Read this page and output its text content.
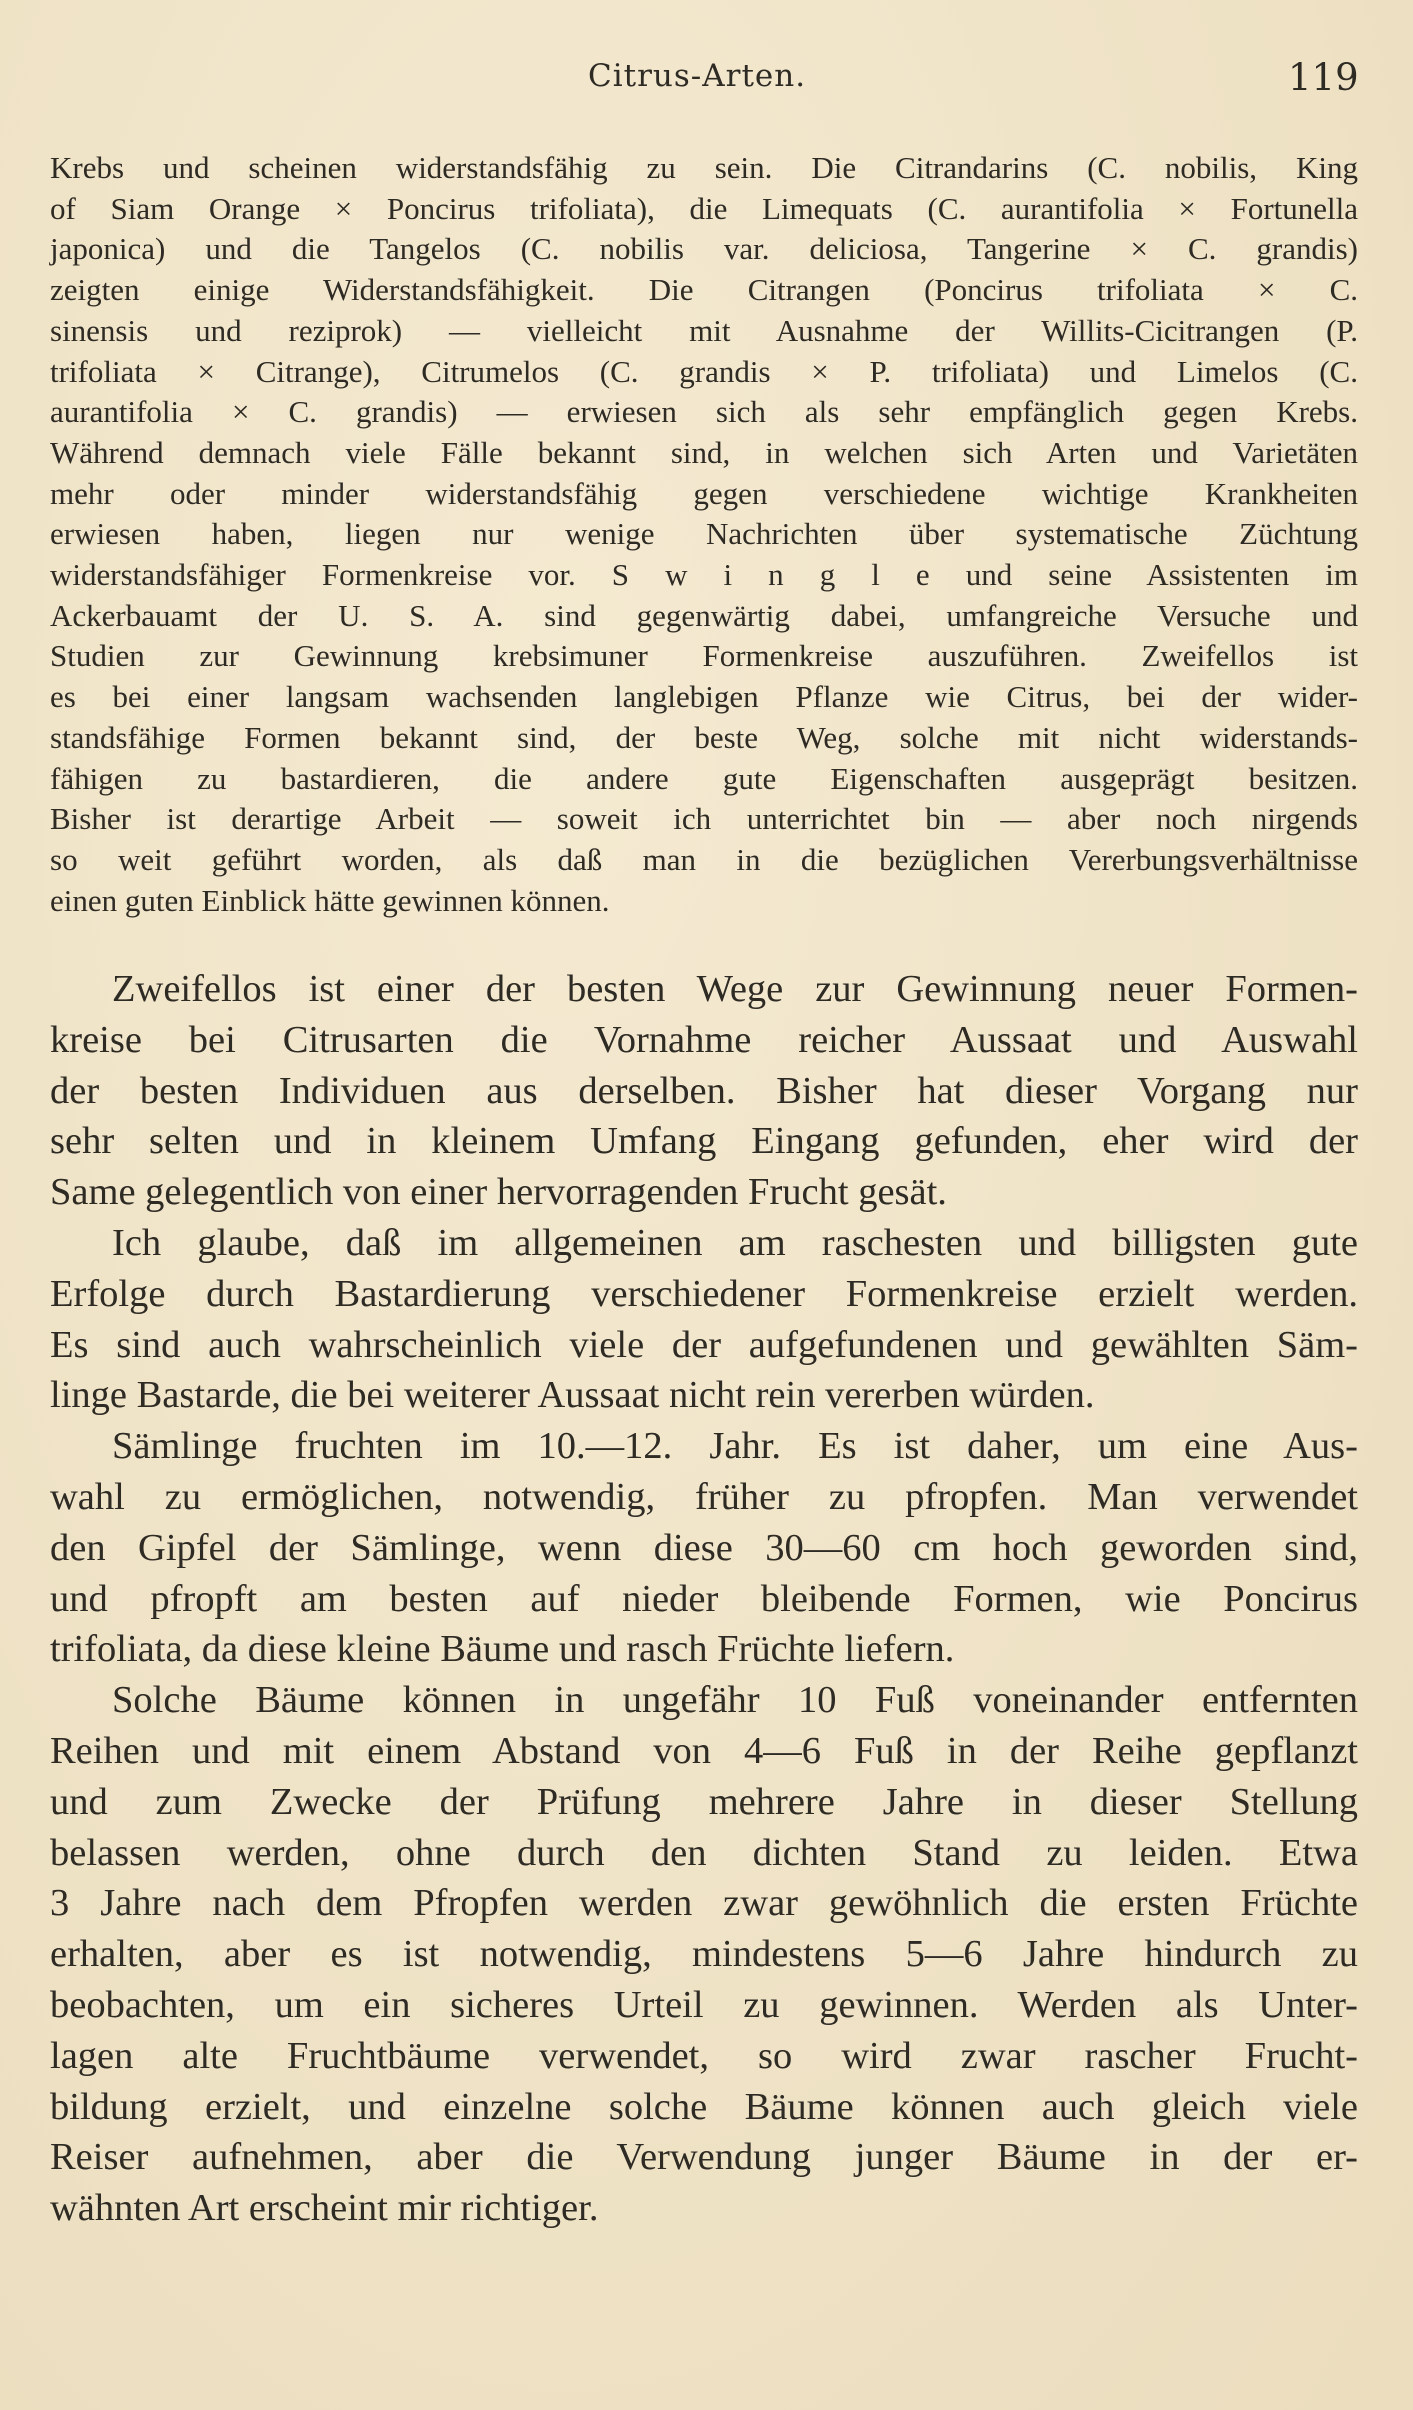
Citrus-Arten.	119
Krebs und scheinen widerstandsfähig zu sein. Die Citrandarins (C. nobilis, King
of Siam Orange × Poncirus trifoliata), die Limequats (C. aurantifolia × Fortunella
japonica) und die Tangelos (C. nobilis var. deliciosa, Tangerine × C. grandis)
zeigten einige Widerstandsfähigkeit. Die Citrangen (Poncirus trifoliata × C.
sinensis und reziprok) — vielleicht mit Ausnahme der Willits-Cicitrangen (P.
trifoliata × Citrange), Citrumelos (C. grandis × P. trifoliata) und Limelos (C.
aurantifolia × C. grandis) — erwiesen sich als sehr empfänglich gegen Krebs.
Während demnach viele Fälle bekannt sind, in welchen sich Arten und Varietäten
mehr oder minder widerstandsfähig gegen verschiedene wichtige Krankheiten
erwiesen haben, liegen nur wenige Nachrichten über systematische Züchtung
widerstandsfähiger Formenkreise vor. S w i n g l e und seine Assistenten im
Ackerbauamt der U. S. A. sind gegenwärtig dabei, umfangreiche Versuche und
Studien zur Gewinnung krebsimuner Formenkreise auszuführen. Zweifellos ist
es bei einer langsam wachsenden langlebigen Pflanze wie Citrus, bei der wider-
standsfähige Formen bekannt sind, der beste Weg, solche mit nicht widerstands-
fähigen zu bastardieren, die andere gute Eigenschaften ausgeprägt besitzen.
Bisher ist derartige Arbeit — soweit ich unterrichtet bin — aber noch nirgends
so weit geführt worden, als daß man in die bezüglichen Vererbungsverhältnisse
einen guten Einblick hätte gewinnen können.
Zweifellos ist einer der besten Wege zur Gewinnung neuer Formen-
kreise bei Citrusarten die Vornahme reicher Aussaat und Auswahl
der besten Individuen aus derselben. Bisher hat dieser Vorgang nur
sehr selten und in kleinem Umfang Eingang gefunden, eher wird der
Same gelegentlich von einer hervorragenden Frucht gesät.
Ich glaube, daß im allgemeinen am raschesten und billigsten gute
Erfolge durch Bastardierung verschiedener Formenkreise erzielt werden.
Es sind auch wahrscheinlich viele der aufgefundenen und gewählten Säm-
linge Bastarde, die bei weiterer Aussaat nicht rein vererben würden.
Sämlinge fruchten im 10.—12. Jahr. Es ist daher, um eine Aus-
wahl zu ermöglichen, notwendig, früher zu pfropfen. Man verwendet
den Gipfel der Sämlinge, wenn diese 30—60 cm hoch geworden sind,
und pfropft am besten auf nieder bleibende Formen, wie Poncirus
trifoliata, da diese kleine Bäume und rasch Früchte liefern.
Solche Bäume können in ungefähr 10 Fuß voneinander entfernten
Reihen und mit einem Abstand von 4—6 Fuß in der Reihe gepflanzt
und zum Zwecke der Prüfung mehrere Jahre in dieser Stellung
belassen werden, ohne durch den dichten Stand zu leiden. Etwa
3 Jahre nach dem Pfropfen werden zwar gewöhnlich die ersten Früchte
erhalten, aber es ist notwendig, mindestens 5—6 Jahre hindurch zu
beobachten, um ein sicheres Urteil zu gewinnen. Werden als Unter-
lagen alte Fruchtbäume verwendet, so wird zwar rascher Frucht-
bildung erzielt, und einzelne solche Bäume können auch gleich viele
Reiser aufnehmen, aber die Verwendung junger Bäume in der er-
wähnten Art erscheint mir richtiger.
